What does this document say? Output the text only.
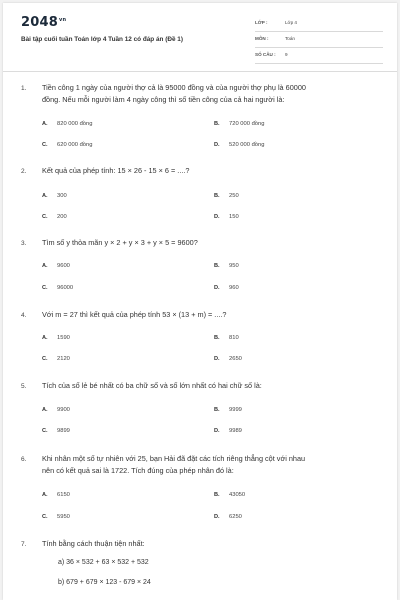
$2048^{vn}$
Bài tập cuối tuần Toán lớp 4 Tuần 12 có đáp án (Đề 1)
LỚP :	Lớp 4
MÔN :	Toán
SỐ CÂU : 9
1. Tiền công 1 ngày của người thợ cả là 95000 đồng và của người thợ phụ là 60000
đồng. Nếu mỗi người làm 4 ngày công thì số tiền công của cả hai người là:
A. 820 000 đồng	B. 720 000 đồng
C. 620 000 đồng	D. 520 000 đồng
2. Kết quả của phép tính: 15 × 26 - 15 × 6 = ....?
A. 300	B. 250
C. 200	D. 150
3. Tìm số y thỏa mãn y × 2 + y × 3 + y × 5 = 9600?
A. 9600	B. 950
C. 96000	D. 960
4. Với m = 27 thì kết quả của phép tính 53 × (13 + m) = ....?
A. 1590	B. 810
C. 2120	D. 2650
5. Tích của số lẻ bé nhất có ba chữ số và số lớn nhất có hai chữ số là:
A. 9900	B. 9999
C. 9899	D. 9989
6. Khi nhân một số tự nhiên với 25, bạn Hải đã đặt các tích riêng thẳng cột với nhau
nên có kết quả sai là 1722. Tích đúng của phép nhân đó là:
A. 6150	B. 43050
C. 5950	D. 6250
7. Tính bằng cách thuận tiện nhất:
a) 36 × 532 + 63 × 532 + 532
b) 679 + 679 × 123 - 679 × 24
